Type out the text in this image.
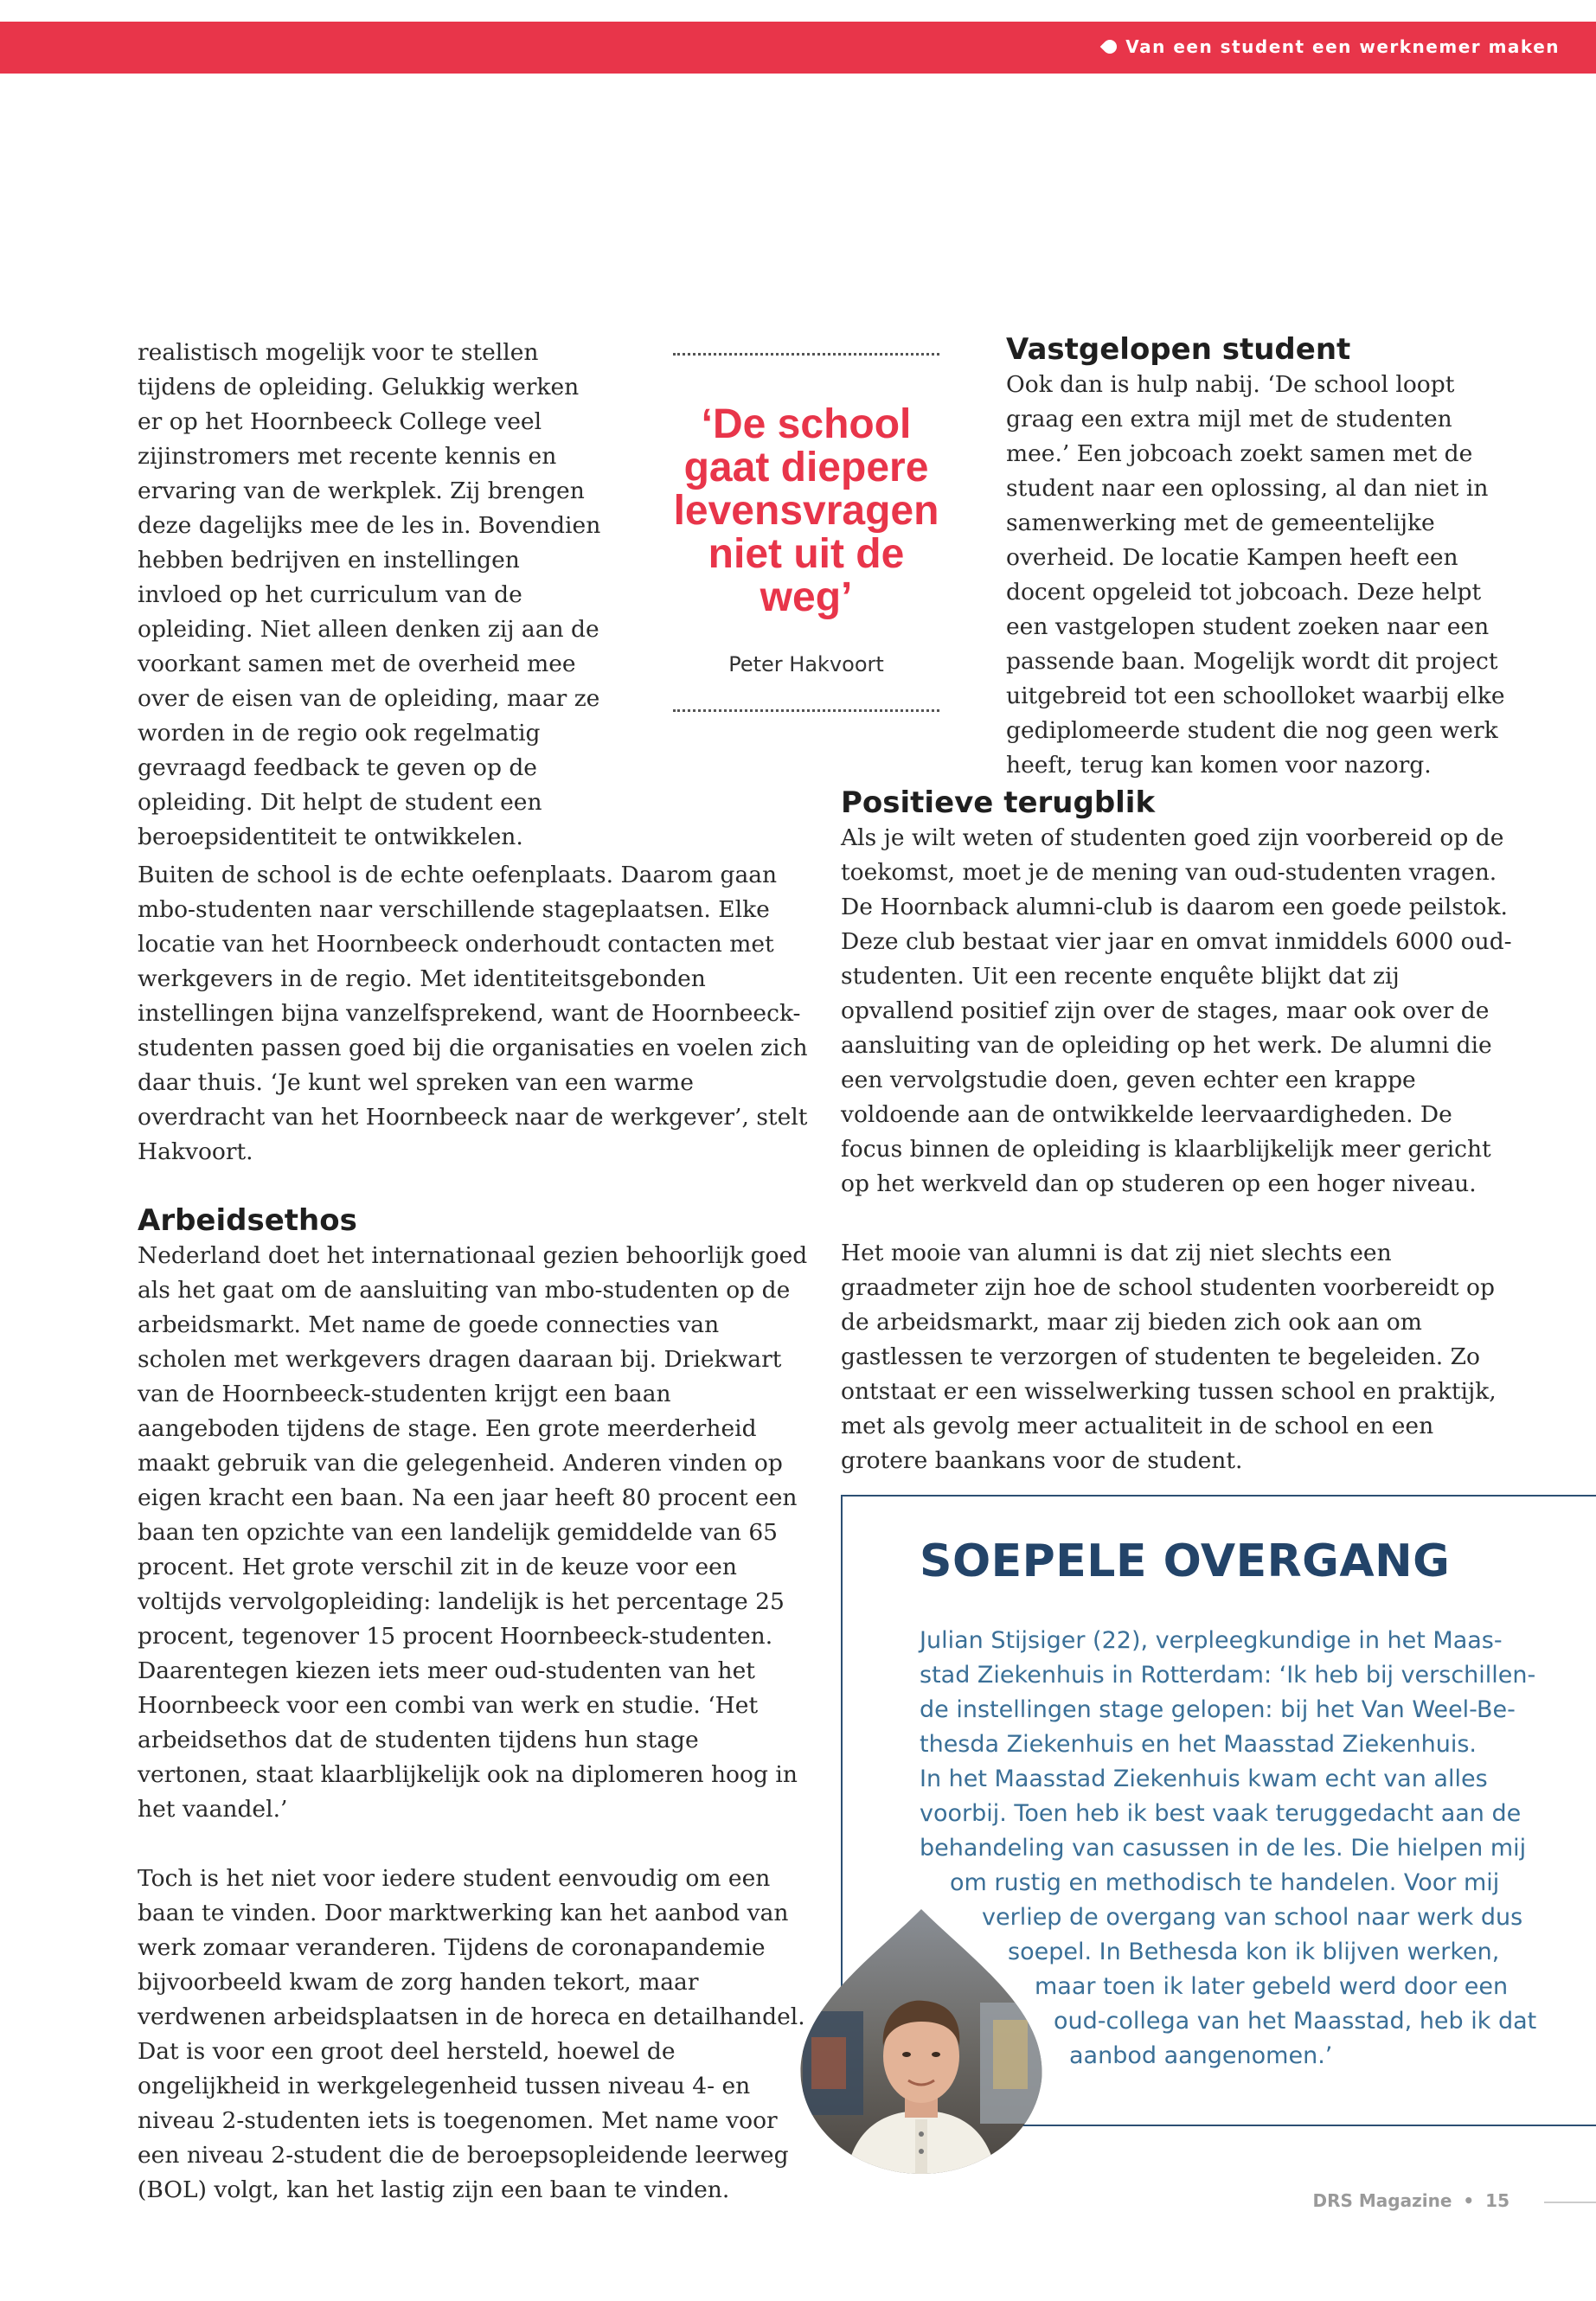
Van een student een werknemer maken

realistisch mogelijk voor te stellen tijdens de opleiding. Gelukkig werken er op het Hoornbeeck College veel zijinstromers met recente kennis en ervaring van de werkplek. Zij brengen deze dagelijks mee de les in. Bovendien hebben bedrijven en instellingen invloed op het curriculum van de opleiding. Niet alleen denken zij aan de voorkant samen met de overheid mee over de eisen van de opleiding, maar ze worden in de regio ook regelmatig gevraagd feedback te geven op de opleiding. Dit helpt de student een beroepsidentiteit te ontwikkelen.

‘De school gaat diepere levensvragen niet uit de weg’
Peter Hakvoort
Vastgelopen student

Ook dan is hulp nabij. ‘De school loopt graag een extra mijl met de studenten mee.’ Een jobcoach zoekt samen met de student naar een oplossing, al dan niet in samenwerking met de gemeentelijke overheid. De locatie Kampen heeft een docent opgeleid tot jobcoach. Deze helpt een vastgelopen student zoeken naar een passende baan. Mogelijk wordt dit project uitgebreid tot een schoolloket waarbij elke gediplomeerde student die nog geen werk heeft, terug kan komen voor nazorg.

Buiten de school is de echte oefenplaats. Daarom gaan mbo-studenten naar verschillende stageplaatsen. Elke locatie van het Hoornbeeck onderhoudt contacten met werkgevers in de regio. Met identiteitsgebonden instellingen bijna vanzelfsprekend, want de Hoornbeeck-studenten passen goed bij die organisaties en voelen zich daar thuis. ‘Je kunt wel spreken van een warme overdracht van het Hoornbeeck naar de werkgever’, stelt Hakvoort.

Arbeidsethos

Nederland doet het internationaal gezien behoorlijk goed als het gaat om de aansluiting van mbo-studenten op de arbeidsmarkt. Met name de goede connecties van scholen met werkgevers dragen daaraan bij. Driekwart van de Hoornbeeck-studenten krijgt een baan aangeboden tijdens de stage. Een grote meerderheid maakt gebruik van die gelegenheid. Anderen vinden op eigen kracht een baan. Na een jaar heeft 80 procent een baan ten opzichte van een landelijk gemiddelde van 65 procent. Het grote verschil zit in de keuze voor een voltijds vervolgopleiding: landelijk is het percentage 25 procent, tegenover 15 procent Hoornbeeck-studenten. Daarentegen kiezen iets meer oud-studenten van het Hoornbeeck voor een combi van werk en studie. ‘Het arbeidsethos dat de studenten tijdens hun stage vertonen, staat klaarblijkelijk ook na diplomeren hoog in het vaandel.’

Toch is het niet voor iedere student eenvoudig om een baan te vinden. Door marktwerking kan het aanbod van werk zomaar veranderen. Tijdens de coronapandemie bijvoorbeeld kwam de zorg handen tekort, maar verdwenen arbeidsplaatsen in de horeca en detailhandel. Dat is voor een groot deel hersteld, hoewel de ongelijkheid in werkgelegenheid tussen niveau 4- en niveau 2-studenten iets is toegenomen. Met name voor een niveau 2-student die de beroepsopleidende leerweg (BOL) volgt, kan het lastig zijn een baan te vinden.

Positieve terugblik

Als je wilt weten of studenten goed zijn voorbereid op de toekomst, moet je de mening van oud-studenten vragen. De Hoornback alumni-club is daarom een goede peilstok. Deze club bestaat vier jaar en omvat inmiddels 6000 oud-studenten. Uit een recente enquête blijkt dat zij opvallend positief zijn over de stages, maar ook over de aansluiting van de opleiding op het werk. De alumni die een vervolgstudie doen, geven echter een krappe voldoende aan de ontwikkelde leervaardigheden. De focus binnen de opleiding is klaarblijkelijk meer gericht op het werkveld dan op studeren op een hoger niveau.

Het mooie van alumni is dat zij niet slechts een graadmeter zijn hoe de school studenten voorbereidt op de arbeidsmarkt, maar zij bieden zich ook aan om gastlessen te verzorgen of studenten te begeleiden. Zo ontstaat er een wisselwerking tussen school en praktijk, met als gevolg meer actualiteit in de school en een grotere baankans voor de student.

SOEPELE OVERGANG
Julian Stijsiger (22), verpleegkundige in het Maas-
stad Ziekenhuis in Rotterdam: ‘Ik heb bij verschillen-
de instellingen stage gelopen: bij het Van Weel-Be-
thesda Ziekenhuis en het Maasstad Ziekenhuis.
In het Maasstad Ziekenhuis kwam echt van alles
voorbij. Toen heb ik best vaak teruggedacht aan de
behandeling van casussen in de les. Die hielpen mij
om rustig en methodisch te handelen. Voor mij
verliep de overgang van school naar werk dus
soepel. In Bethesda kon ik blijven werken,
maar toen ik later gebeld werd door een
oud-collega van het Maasstad, heb ik dat
aanbod aangenomen.’
DRS Magazine • 15
